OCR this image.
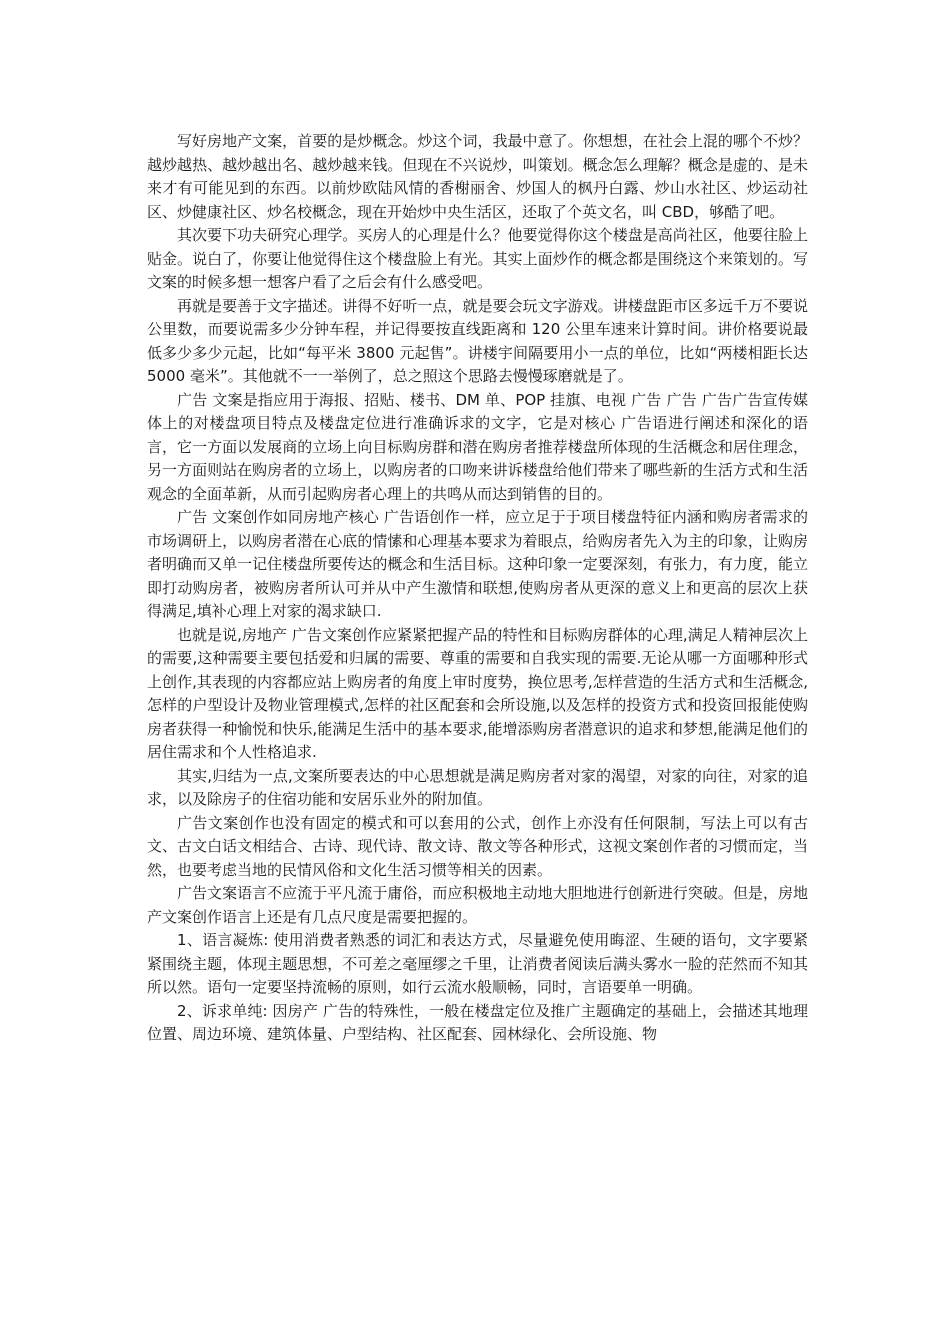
写好房地产文案，首要的是炒概念。炒这个词，我最中意了。你想想，在社会上混的哪个不炒？越炒越热、越炒越出名、越炒越来钱。但现在不兴说炒，叫策划。概念怎么理解？概念是虚的、是未来才有可能见到的东西。以前炒欧陆风情的香榭丽舍、炒国人的枫丹白露、炒山水社区、炒运动社区、炒健康社区、炒名校概念，现在开始炒中央生活区，还取了个英文名，叫 CBD，够酷了吧。

其次要下功夫研究心理学。买房人的心理是什么？他要觉得你这个楼盘是高尚社区，他要往脸上贴金。说白了，你要让他觉得住这个楼盘脸上有光。其实上面炒作的概念都是围绕这个来策划的。写文案的时候多想一想客户看了之后会有什么感受吧。

再就是要善于文字描述。讲得不好听一点，就是要会玩文字游戏。讲楼盘距市区多远千万不要说公里数，而要说需多少分钟车程，并记得要按直线距离和 120 公里车速来计算时间。讲价格要说最低多少多少元起，比如“每平米 3800 元起售”。讲楼宇间隔要用小一点的单位，比如“两楼相距长达 5000 毫米”。其他就不一一举例了，总之照这个思路去慢慢琢磨就是了。

广告 文案是指应用于海报、招贴、楼书、DM 单、POP 挂旗、电视 广告 广告 广告广告宣传媒体上的对楼盘项目特点及楼盘定位进行准确诉求的文字，它是对核心 广告语进行阐述和深化的语言，它一方面以发展商的立场上向目标购房群和潜在购房者推荐楼盘所体现的生活概念和居住理念，另一方面则站在购房者的立场上，以购房者的口吻来讲诉楼盘给他们带来了哪些新的生活方式和生活观念的全面革新，从而引起购房者心理上的共鸣从而达到销售的目的。

广告 文案创作如同房地产核心 广告语创作一样，应立足于于项目楼盘特征内涵和购房者需求的市场调研上，以购房者潜在心底的情愫和心理基本要求为着眼点，给购房者先入为主的印象，让购房者明确而又单一记住楼盘所要传达的概念和生活目标。这种印象一定要深刻，有张力，有力度，能立即打动购房者，被购房者所认可并从中产生激情和联想,使购房者从更深的意义上和更高的层次上获得满足,填补心理上对家的渴求缺口.

也就是说,房地产 广告文案创作应紧紧把握产品的特性和目标购房群体的心理,满足人精神层次上的需要,这种需要主要包括爱和归属的需要、尊重的需要和自我实现的需要.无论从哪一方面哪种形式上创作,其表现的内容都应站上购房者的角度上审时度势，换位思考,怎样营造的生活方式和生活概念,怎样的户型设计及物业管理模式,怎样的社区配套和会所设施,以及怎样的投资方式和投资回报能使购房者获得一种愉悦和快乐,能满足生活中的基本要求,能增添购房者潜意识的追求和梦想,能满足他们的居住需求和个人性格追求.

其实,归结为一点,文案所要表达的中心思想就是满足购房者对家的渴望，对家的向往，对家的追求，以及除房子的住宿功能和安居乐业外的附加值。

广告文案创作也没有固定的模式和可以套用的公式，创作上亦没有任何限制，写法上可以有古文、古文白话文相结合、古诗、现代诗、散文诗、散文等各种形式，这视文案创作者的习惯而定，当然，也要考虑当地的民情风俗和文化生活习惯等相关的因素。

广告文案语言不应流于平凡流于庸俗，而应积极地主动地大胆地进行创新进行突破。但是，房地产文案创作语言上还是有几点尺度是需要把握的。

1、语言凝炼: 使用消费者熟悉的词汇和表达方式，尽量避免使用晦涩、生硬的语句，文字要紧紧围绕主题，体现主题思想，不可差之毫厘缪之千里，让消费者阅读后满头雾水一脸的茫然而不知其所以然。语句一定要坚持流畅的原则，如行云流水般顺畅，同时，言语要单一明确。

2、诉求单纯: 因房产 广告的特殊性，一般在楼盘定位及推广主题确定的基础上，会描述其地理位置、周边环境、建筑体量、户型结构、社区配套、园林绿化、会所设施、物
